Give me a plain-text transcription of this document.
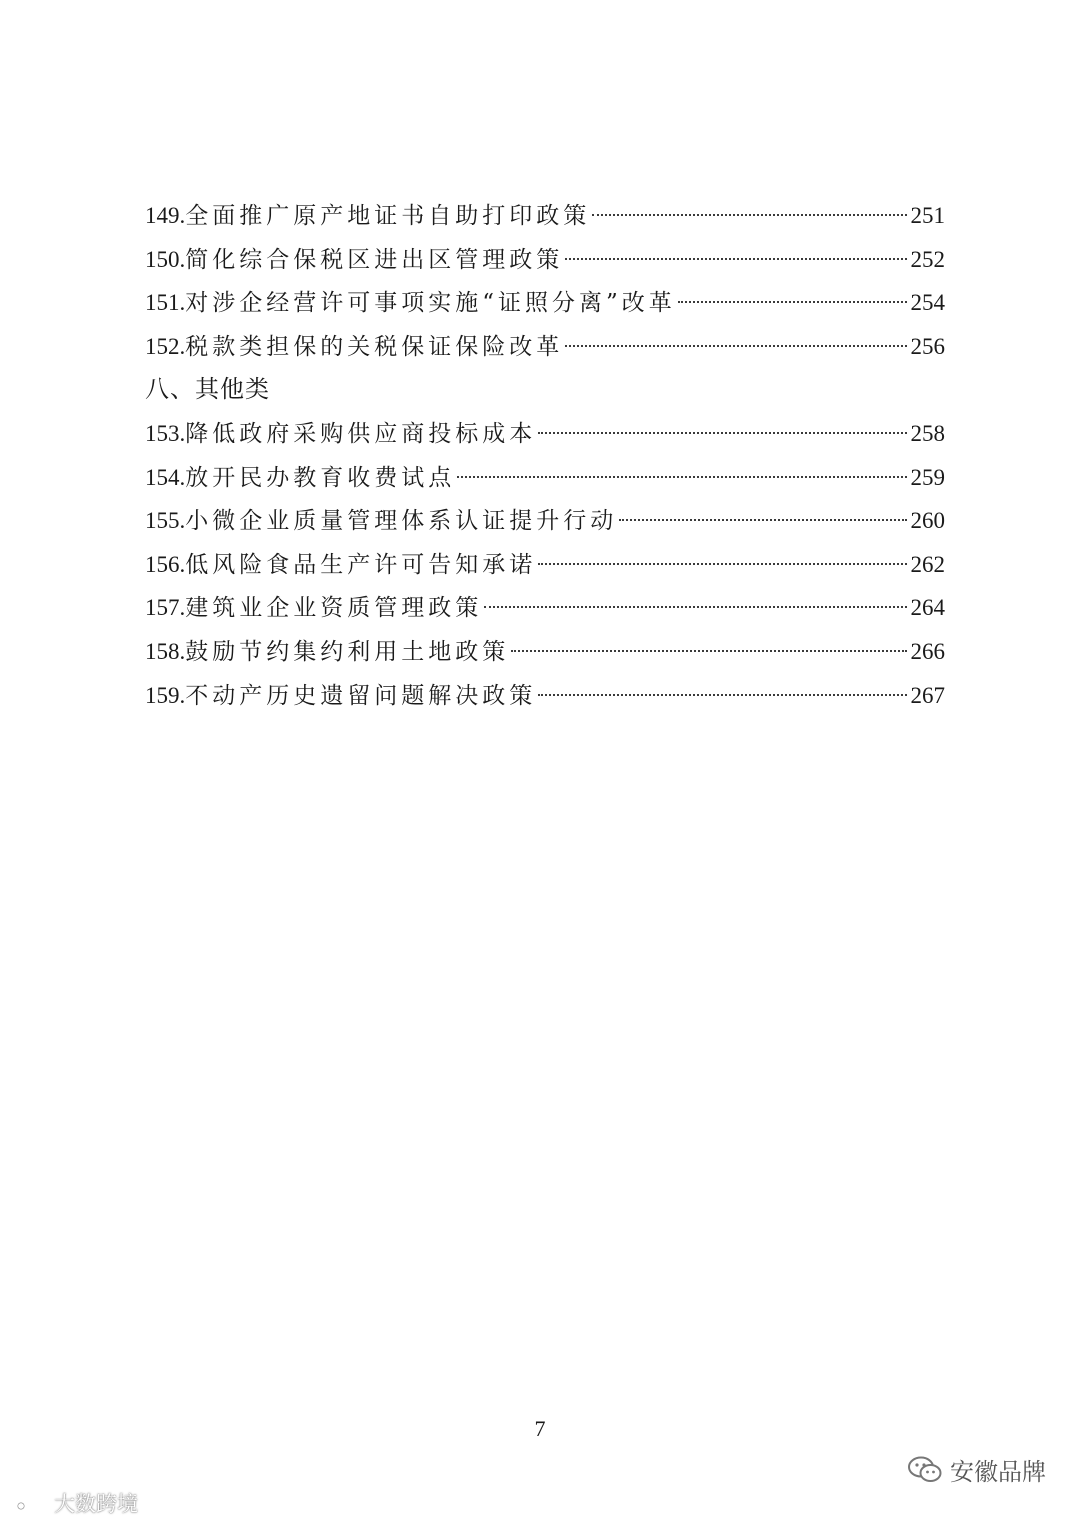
149. 全面推广原产地证书自助打印政策	251
150. 简化综合保税区进出区管理政策	252
151. 对涉企经营许可事项实施“证照分离”改革	254
152. 税款类担保的关税保证保险改革	256
八、其他类
153. 降低政府采购供应商投标成本	258
154. 放开民办教育收费试点	259
155. 小微企业质量管理体系认证提升行动	260
156. 低风险食品生产许可告知承诺	262
157. 建筑业企业资质管理政策	264
158. 鼓励节约集约利用土地政策	266
159. 不动产历史遗留问题解决政策	267
7
安徽品牌
大数跨境
